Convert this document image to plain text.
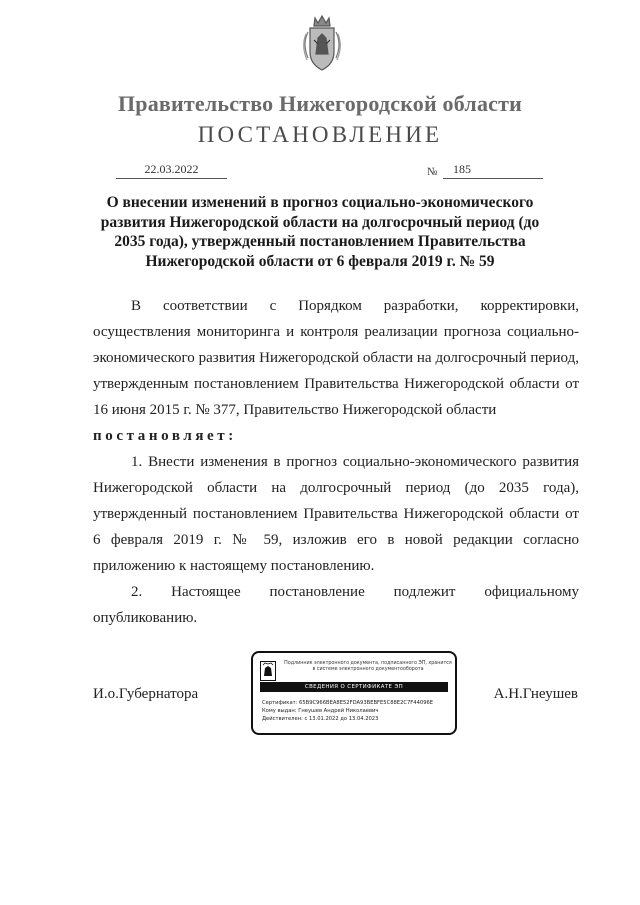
Правительство Нижегородской области
ПОСТАНОВЛЕНИЕ
22.03.2022	№	185
О внесении изменений в прогноз социально-экономического развития Нижегородской области на долгосрочный период (до 2035 года), утвержденный постановлением Правительства Нижегородской области от 6 февраля 2019 г. № 59

В соответствии с Порядком разработки, корректировки, осуществления мониторинга и контроля реализации прогноза социально-экономического развития Нижегородской области на долгосрочный период, утвержденным постановлением Правительства Нижегородской области от 16 июня 2015 г. № 377, Правительство Нижегородской области

постановляет:

1. Внести изменения в прогноз социально-экономического развития Нижегородской области на долгосрочный период (до 2035 года), утвержденный постановлением Правительства Нижегородской области от 6 февраля 2019 г. № 59, изложив его в новой редакции согласно приложению к настоящему постановлению.

2. Настоящее постановление подлежит официальному опубликованию.

И.о.Губернатора	А.Н.Гнеушев
Подлинник электронного документа, подписанного ЭП, хранится в системе электронного документооборота
СВЕДЕНИЯ О СЕРТИФИКАТЕ ЭП
Сертификат: 65B9C966BEA8E52FDA93BEBFE5C88E2C7F44096E
Кому выдан: Гнеушев Андрей Николаевич
Действителен: с 13.01.2022 до 13.04.2023
